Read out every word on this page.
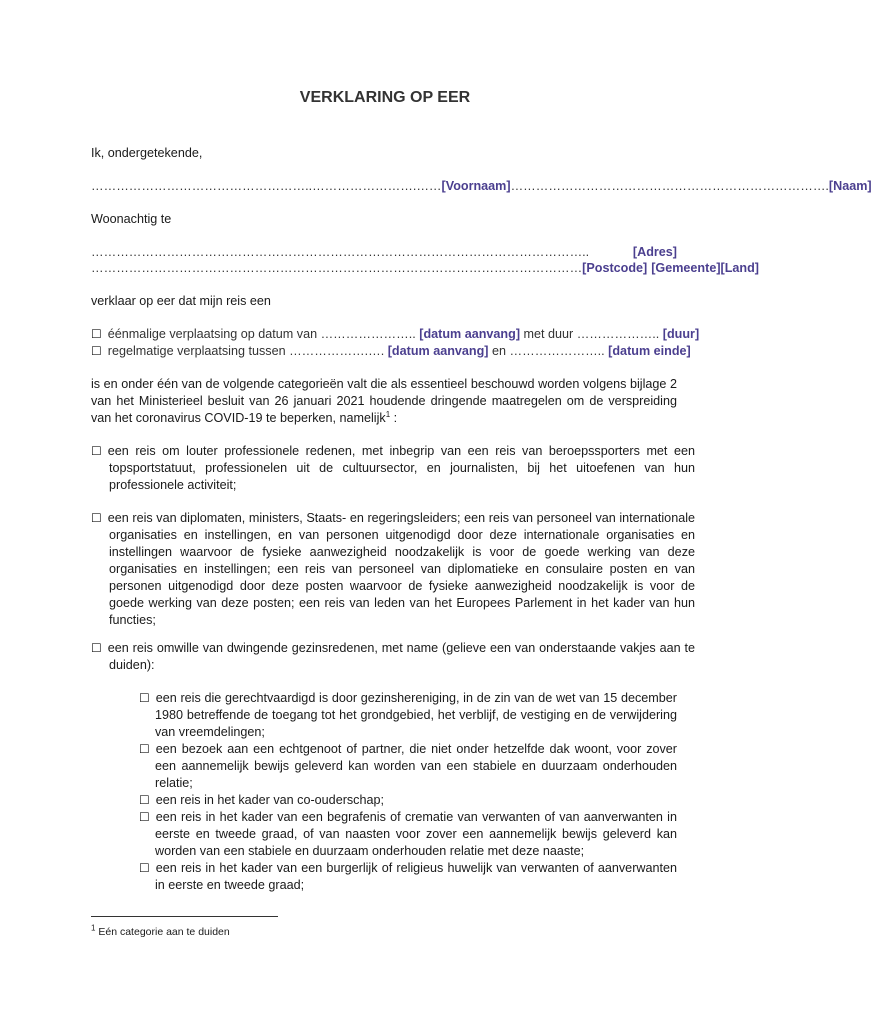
VERKLARING OP EER
Ik, ondergetekende,
……………………………………………..…………………….…… [Voornaam] …………………………………………………………………. [Naam]
Woonachtig te
………………………………………………………………………………………………………..	[Adres]
……………………………………………………………………………………………………… [Postcode] [Gemeente] [Land]
verklaar op eer dat mijn reis een
☐ éénmalige verplaatsing op datum van ………………….. [datum aanvang] met duur ……………….. [duur]
☐ regelmatige verplaatsing tussen ……………….…. [datum aanvang] en ………………….. [datum einde]
is en onder één van de volgende categorieën valt die als essentieel beschouwd worden volgens bijlage 2 van het Ministerieel besluit van 26 januari 2021 houdende dringende maatregelen om de verspreiding van het coronavirus COVID-19 te beperken, namelijk$^1$ :
☐ een reis om louter professionele redenen, met inbegrip van een reis van beroepssporters met een topsportstatuut, professionelen uit de cultuursector, en journalisten, bij het uitoefenen van hun professionele activiteit;
☐ een reis van diplomaten, ministers, Staats- en regeringsleiders; een reis van personeel van internationale organisaties en instellingen, en van personen uitgenodigd door deze internationale organisaties en instellingen waarvoor de fysieke aanwezigheid noodzakelijk is voor de goede werking van deze organisaties en instellingen; een reis van personeel van diplomatieke en consulaire posten en van personen uitgenodigd door deze posten waarvoor de fysieke aanwezigheid noodzakelijk is voor de goede werking van deze posten; een reis van leden van het Europees Parlement in het kader van hun functies;
☐ een reis omwille van dwingende gezinsredenen, met name (gelieve een van onderstaande vakjes aan te duiden):
☐ een reis die gerechtvaardigd is door gezinshereniging, in de zin van de wet van 15 december 1980 betreffende de toegang tot het grondgebied, het verblijf, de vestiging en de verwijdering van vreemdelingen;
☐ een bezoek aan een echtgenoot of partner, die niet onder hetzelfde dak woont, voor zover een aannemelijk bewijs geleverd kan worden van een stabiele en duurzaam onderhouden relatie;
☐ een reis in het kader van co-ouderschap;
☐ een reis in het kader van een begrafenis of crematie van verwanten of van aanverwanten in eerste en tweede graad, of van naasten voor zover een aannemelijk bewijs geleverd kan worden van een stabiele en duurzaam onderhouden relatie met deze naaste;
☐ een reis in het kader van een burgerlijk of religieus huwelijk van verwanten of aanverwanten in eerste en tweede graad;
$^1$ Eén categorie aan te duiden
